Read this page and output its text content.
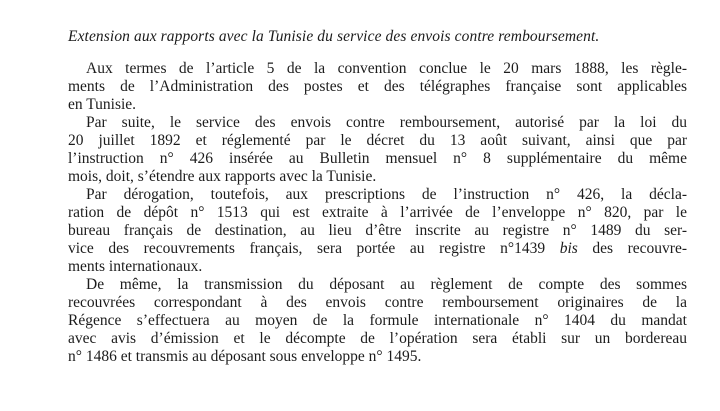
Extension aux rapports avec la Tunisie du service des envois contre remboursement.
Aux termes de l’article 5 de la convention conclue le 20 mars 1888, les règle-
ments de l’Administration des postes et des télégraphes française sont applicables
en Tunisie.
Par suite, le service des envois contre remboursement, autorisé par la loi du
20 juillet 1892 et réglementé par le décret du 13 août suivant, ainsi que par
l’instruction n° 426 insérée au Bulletin mensuel n° 8 supplémentaire du même
mois, doit, s’étendre aux rapports avec la Tunisie.
Par dérogation, toutefois, aux prescriptions de l’instruction n° 426, la décla-
ration de dépôt n° 1513 qui est extraite à l’arrivée de l’enveloppe n° 820, par le
bureau français de destination, au lieu d’être inscrite au registre n° 1489 du ser-
vice des recouvrements français, sera portée au registre n°1439 bis des recouvre-
ments internationaux.
De même, la transmission du déposant au règlement de compte des sommes
recouvrées correspondant à des envois contre remboursement originaires de la
Régence s’effectuera au moyen de la formule internationale n° 1404 du mandat
avec avis d’émission et le décompte de l’opération sera établi sur un bordereau
n° 1486 et transmis au déposant sous enveloppe n° 1495.
